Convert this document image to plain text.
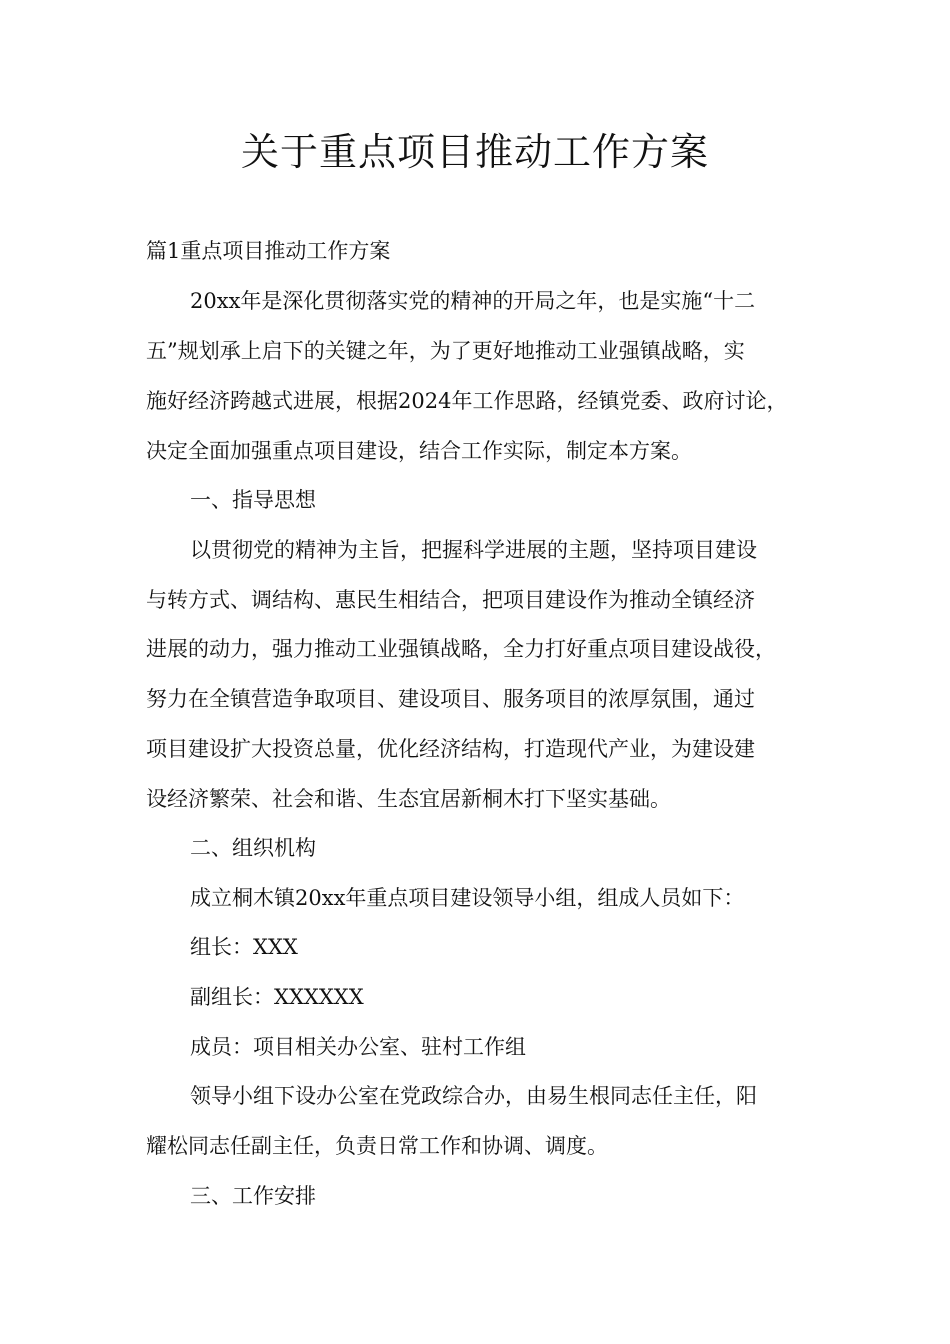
关于重点项目推动工作方案
篇1重点项目推动工作方案
20xx年是深化贯彻落实党的精神的开局之年，也是实施“十二
五”规划承上启下的关键之年，为了更好地推动工业强镇战略，实
施好经济跨越式进展，根据2024年工作思路，经镇党委、政府讨论，
决定全面加强重点项目建设，结合工作实际，制定本方案。
一、指导思想
以贯彻党的精神为主旨，把握科学进展的主题，坚持项目建设
与转方式、调结构、惠民生相结合，把项目建设作为推动全镇经济
进展的动力，强力推动工业强镇战略，全力打好重点项目建设战役，
努力在全镇营造争取项目、建设项目、服务项目的浓厚氛围，通过
项目建设扩大投资总量，优化经济结构，打造现代产业，为建设建
设经济繁荣、社会和谐、生态宜居新桐木打下坚实基础。
二、组织机构
成立桐木镇20xx年重点项目建设领导小组，组成人员如下：
组长：XXX
副组长：XXXXXX
成员：项目相关办公室、驻村工作组
领导小组下设办公室在党政综合办，由易生根同志任主任，阳
耀松同志任副主任，负责日常工作和协调、调度。
三、工作安排
